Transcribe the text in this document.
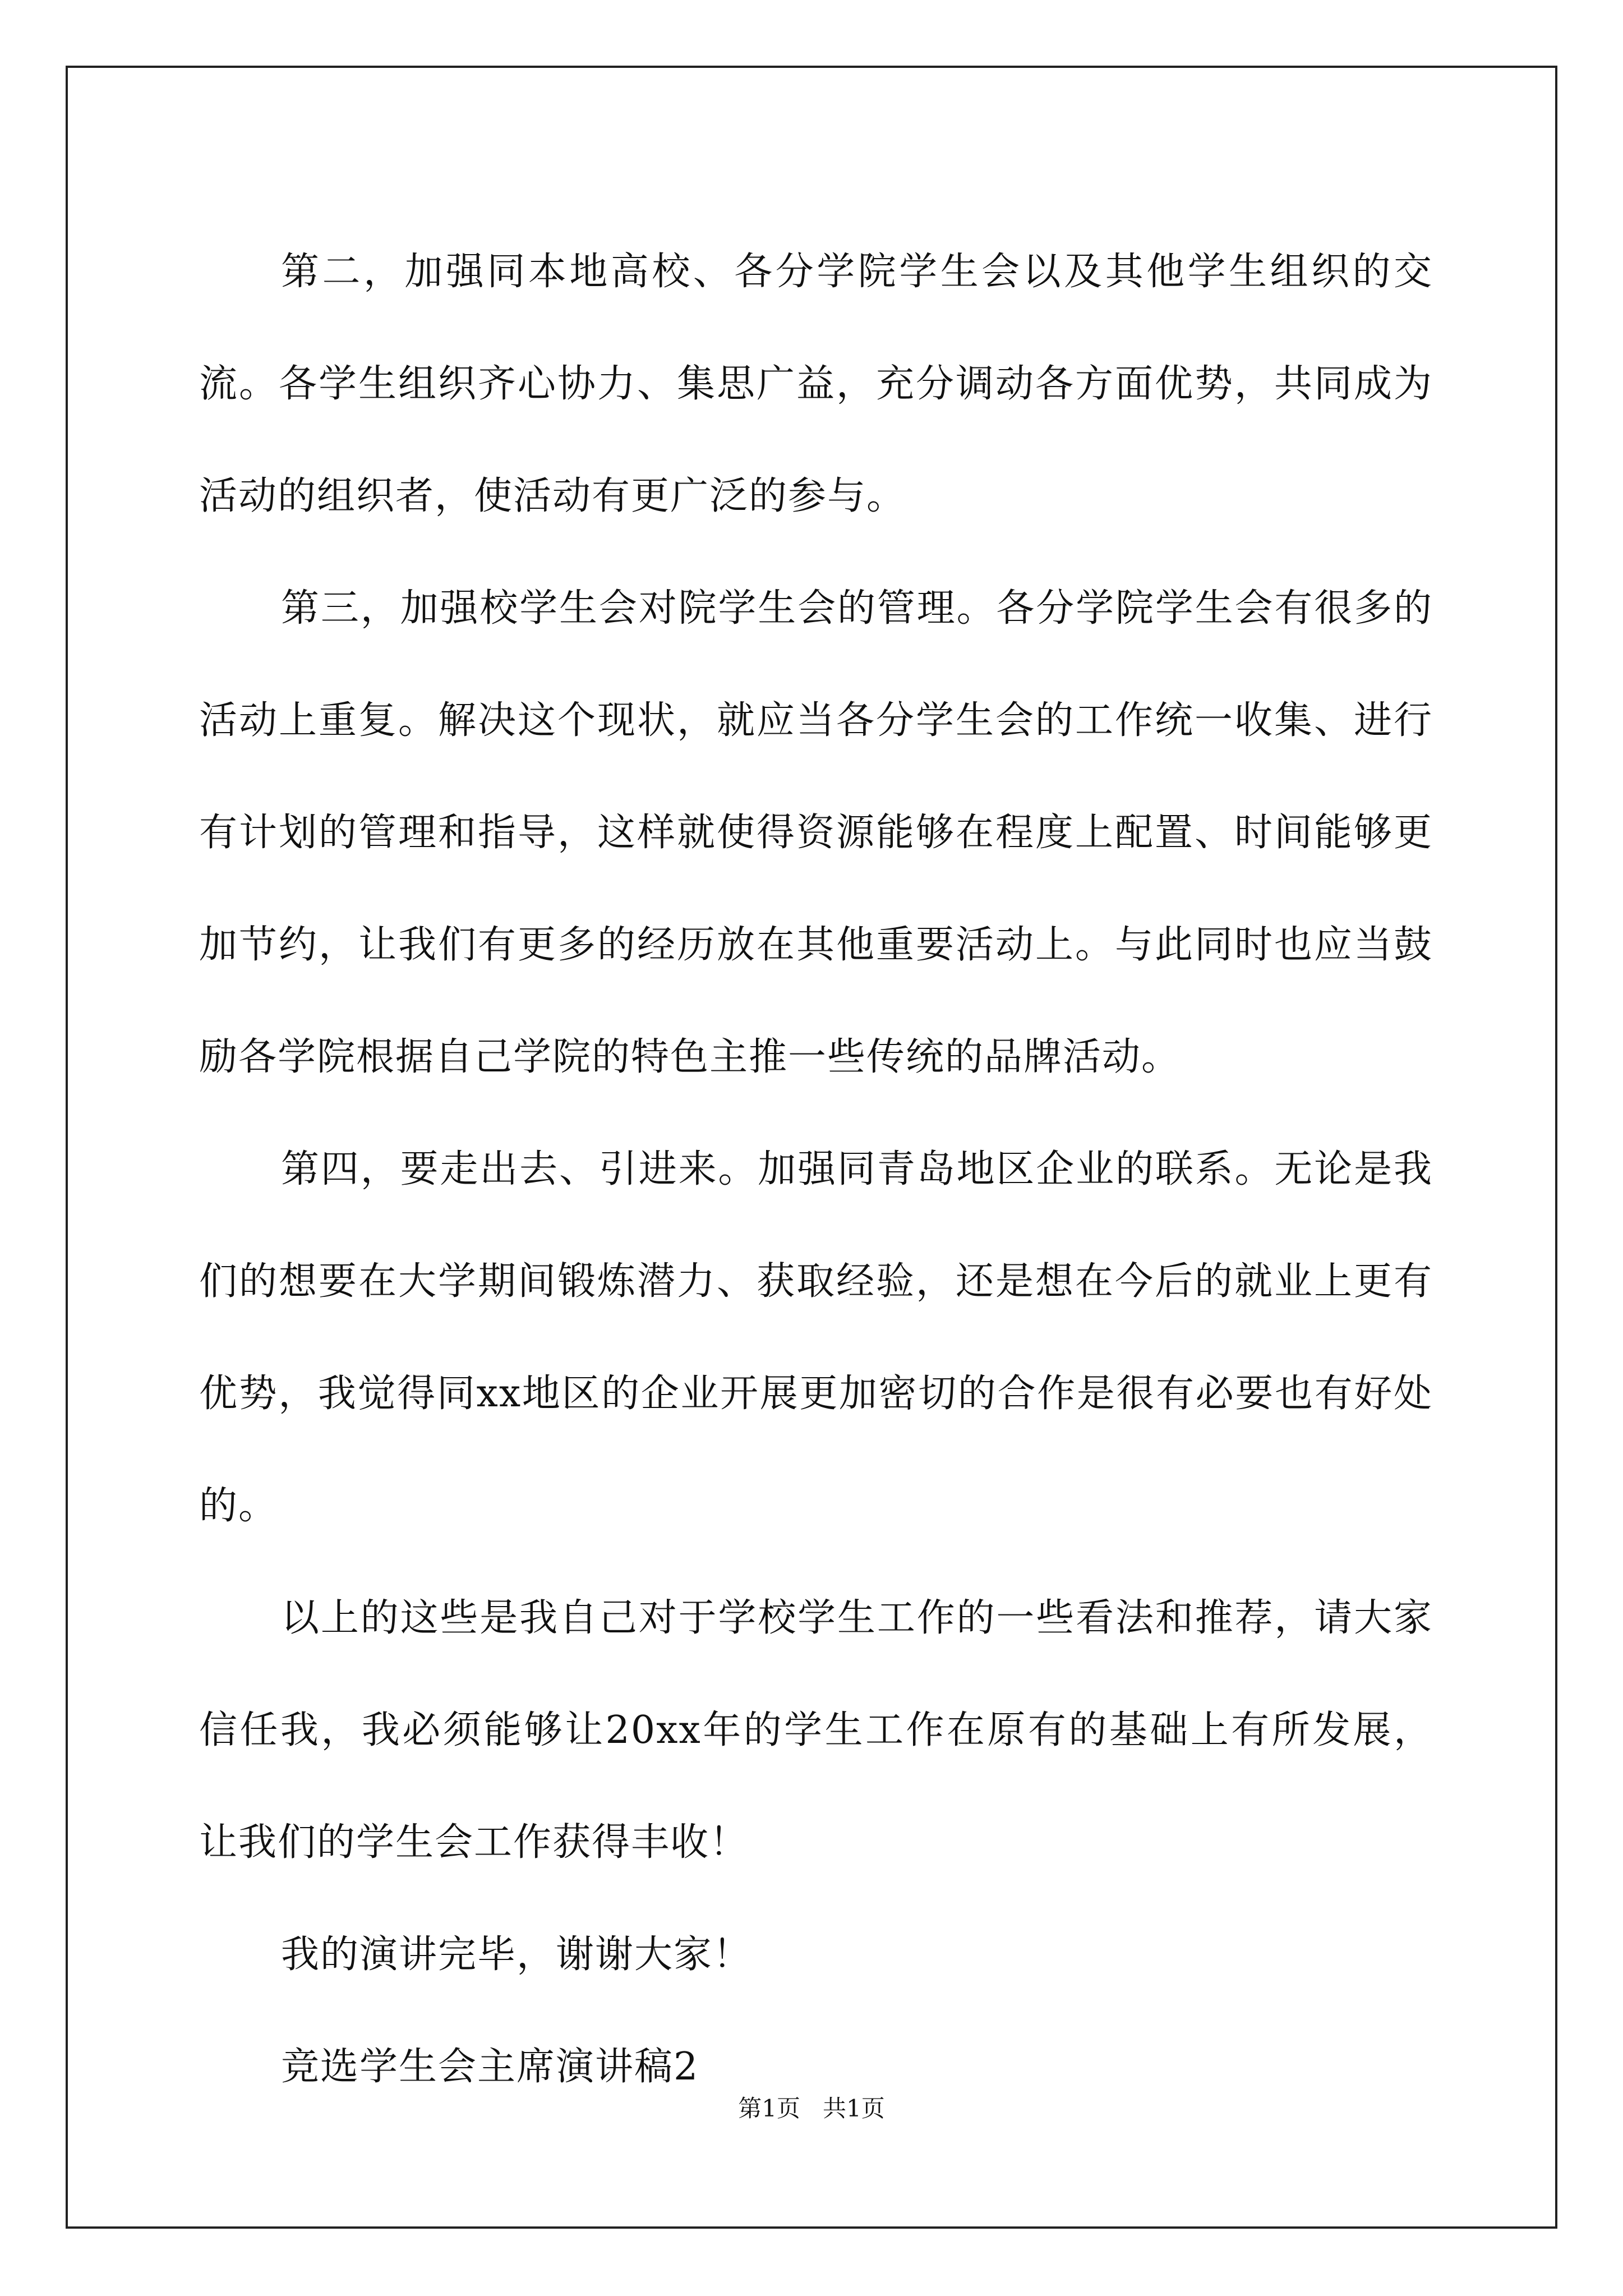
第二，加强同本地高校、各分学院学生会以及其他学生组织的交流。各学生组织齐心协力、集思广益，充分调动各方面优势，共同成为活动的组织者，使活动有更广泛的参与。

第三，加强校学生会对院学生会的管理。各分学院学生会有很多的活动上重复。解决这个现状，就应当各分学生会的工作统一收集、进行有计划的管理和指导，这样就使得资源能够在程度上配置、时间能够更加节约，让我们有更多的经历放在其他重要活动上。与此同时也应当鼓励各学院根据自己学院的特色主推一些传统的品牌活动。

第四，要走出去、引进来。加强同青岛地区企业的联系。无论是我们的想要在大学期间锻炼潜力、获取经验，还是想在今后的就业上更有优势，我觉得同xx地区的企业开展更加密切的合作是很有必要也有好处的。

以上的这些是我自己对于学校学生工作的一些看法和推荐，请大家信任我，我必须能够让20xx年的学生工作在原有的基础上有所发展，让我们的学生会工作获得丰收！

我的演讲完毕，谢谢大家！

竞选学生会主席演讲稿2

第1页 共1页
